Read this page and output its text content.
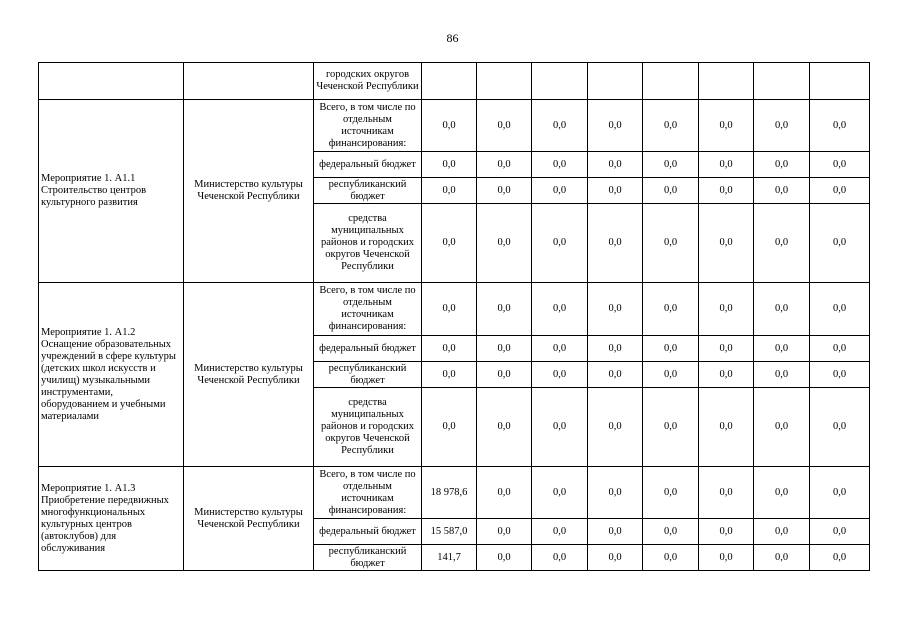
86
		городских округов Чеченской Республики								
Мероприятие 1. А1.1 Строительство центров культурного развития	Министерство культуры Чеченской Республики	Всего, в том числе по отдельным источникам финансирования:	0,0	0,0	0,0	0,0	0,0	0,0	0,0	0,0
		федеральный бюджет	0,0	0,0	0,0	0,0	0,0	0,0	0,0	0,0
		республиканский бюджет	0,0	0,0	0,0	0,0	0,0	0,0	0,0	0,0
		средства муниципальных районов и городских округов Чеченской Республики	0,0	0,0	0,0	0,0	0,0	0,0	0,0	0,0
Мероприятие 1. А1.2 Оснащение образовательных учреждений в сфере культуры (детских школ искусств и училищ) музыкальными инструментами, оборудованием и учебными материалами	Министерство культуры Чеченской Республики	Всего, в том числе по отдельным источникам финансирования:	0,0	0,0	0,0	0,0	0,0	0,0	0,0	0,0
		федеральный бюджет	0,0	0,0	0,0	0,0	0,0	0,0	0,0	0,0
		республиканский бюджет	0,0	0,0	0,0	0,0	0,0	0,0	0,0	0,0
		средства муниципальных районов и городских округов Чеченской Республики	0,0	0,0	0,0	0,0	0,0	0,0	0,0	0,0
Мероприятие 1. А1.3 Приобретение передвижных многофункциональных культурных центров (автоклубов) для обслуживания	Министерство культуры Чеченской Республики	Всего, в том числе по отдельным источникам финансирования:	18 978,6	0,0	0,0	0,0	0,0	0,0	0,0	0,0
		федеральный бюджет	15 587,0	0,0	0,0	0,0	0,0	0,0	0,0	0,0
		республиканский бюджет	141,7	0,0	0,0	0,0	0,0	0,0	0,0	0,0
